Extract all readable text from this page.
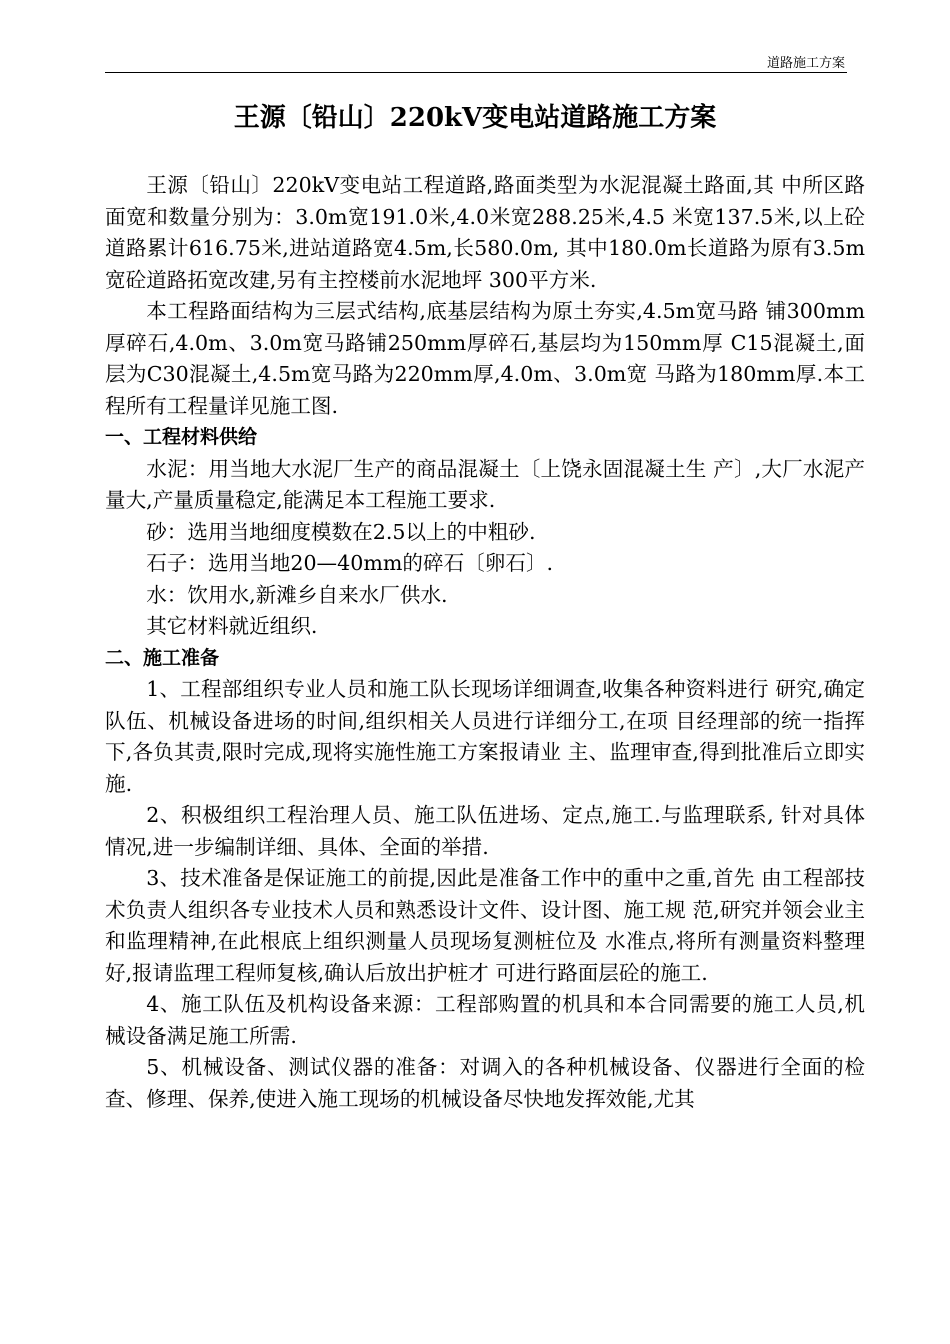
道路施工方案
王源〔铅山〕220kV变电站道路施工方案

王源〔铅山〕220kV变电站工程道路,路面类型为水泥混凝土路面,其 中所区路面宽和数量分别为：3.0m宽191.0米,4.0米宽288.25米,4.5 米宽137.5米,以上砼道路累计616.75米,进站道路宽4.5m,长580.0m, 其中180.0m长道路为原有3.5m宽砼道路拓宽改建,另有主控楼前水泥地坪 300平方米.

本工程路面结构为三层式结构,底基层结构为原土夯实,4.5m宽马路 铺300mm厚碎石,4.0m、3.0m宽马路铺250mm厚碎石,基层均为150mm厚 C15混凝土,面层为C30混凝土,4.5m宽马路为220mm厚,4.0m、3.0m宽 马路为180mm厚.本工程所有工程量详见施工图.

一、工程材料供给

水泥：用当地大水泥厂生产的商品混凝土〔上饶永固混凝土生 产〕,大厂水泥产量大,产量质量稳定,能满足本工程施工要求.

砂：选用当地细度模数在2.5以上的中粗砂.

石子：选用当地20—40mm的碎石〔卵石〕.

水：饮用水,新滩乡自来水厂供水.

其它材料就近组织.

二、施工准备

1、工程部组织专业人员和施工队长现场详细调查,收集各种资料进行 研究,确定队伍、机械设备进场的时间,组织相关人员进行详细分工,在项 目经理部的统一指挥下,各负其责,限时完成,现将实施性施工方案报请业 主、监理审查,得到批准后立即实施.

2、积极组织工程治理人员、施工队伍进场、定点,施工.与监理联系, 针对具体情况,进一步编制详细、具体、全面的举措.

3、技术准备是保证施工的前提,因此是准备工作中的重中之重,首先 由工程部技术负责人组织各专业技术人员和熟悉设计文件、设计图、施工规 范,研究并领会业主和监理精神,在此根底上组织测量人员现场复测桩位及 水准点,将所有测量资料整理好,报请监理工程师复核,确认后放出护桩才 可进行路面层砼的施工.

4、施工队伍及机构设备来源：工程部购置的机具和本合同需要的施工人员,机械设备满足施工所需.

5、机械设备、测试仪器的准备：对调入的各种机械设备、仪器进行全面的检查、修理、保养,使进入施工现场的机械设备尽快地发挥效能,尤其
